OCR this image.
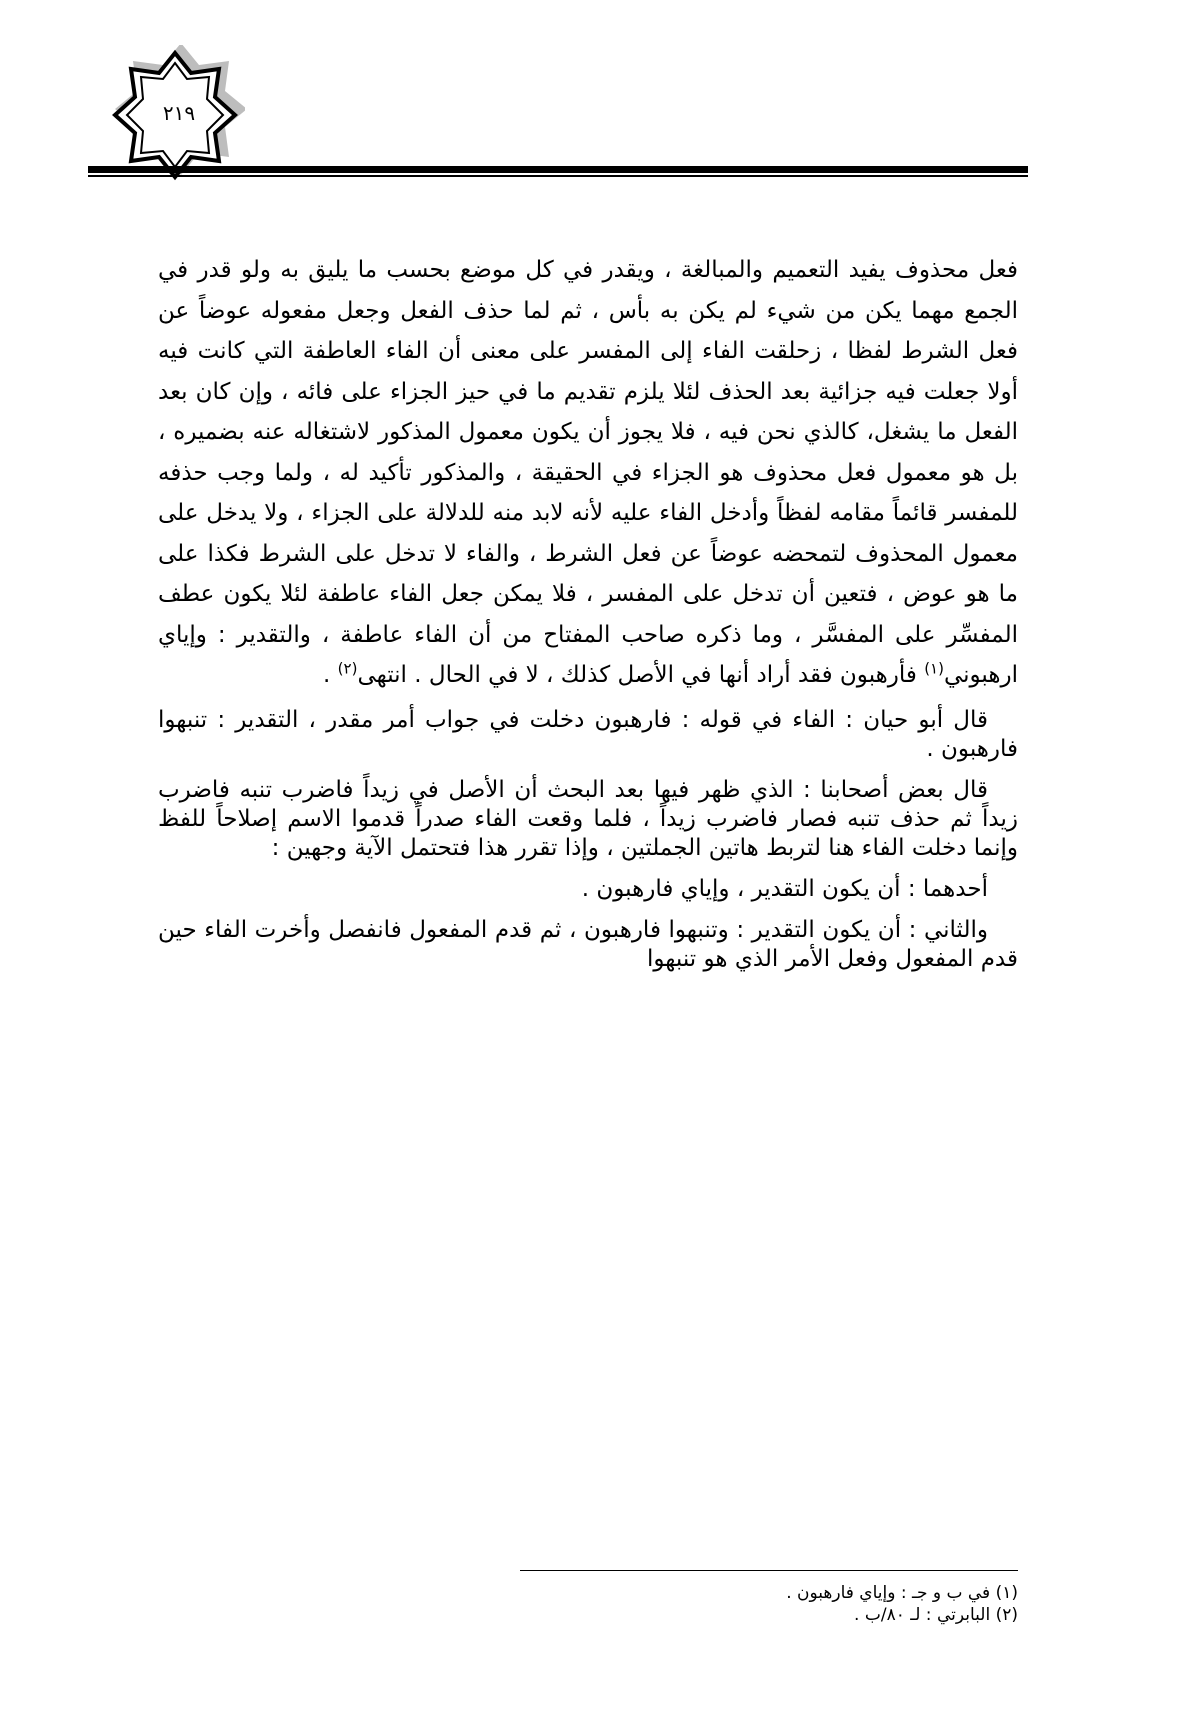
٢١٩

فعل محذوف يفيد التعميم والمبالغة ، ويقدر في كل موضع بحسب ما يليق به ولو قدر في الجمع مهما يكن من شيء لم يكن به بأس ، ثم لما حذف الفعل وجعل مفعوله عوضاً عن فعل الشرط لفظا ، زحلقت الفاء إلى المفسر على معنى أن الفاء العاطفة التي كانت فيه أولا جعلت فيه جزائية بعد الحذف لئلا يلزم تقديم ما في حيز الجزاء على فائه ، وإن كان بعد الفعل ما يشغل، كالذي نحن فيه ، فلا يجوز أن يكون معمول المذكور لاشتغاله عنه بضميره ، بل هو معمول فعل محذوف هو الجزاء في الحقيقة ، والمذكور تأكيد له ، ولما وجب حذفه للمفسر قائماً مقامه لفظاً وأدخل الفاء عليه لأنه لابد منه للدلالة على الجزاء ، ولا يدخل على معمول المحذوف لتمحضه عوضاً عن فعل الشرط ، والفاء لا تدخل على الشرط فكذا على ما هو عوض ، فتعين أن تدخل على المفسر ، فلا يمكن جعل الفاء عاطفة لئلا يكون عطف المفسِّر على المفسَّر ، وما ذكره صاحب المفتاح من أن الفاء عاطفة ، والتقدير : وإياي ارهبوني$^{(١)}$ فأرهبون فقد أراد أنها في الأصل كذلك ، لا في الحال . انتهى$^{(٢)}$ .

قال أبو حيان : الفاء في قوله : فارهبون دخلت في جواب أمر مقدر ، التقدير : تنبهوا فارهبون .

قال بعض أصحابنا : الذي ظهر فيها بعد البحث أن الأصل في زيداً فاضرب تنبه فاضرب زيداً ثم حذف تنبه فصار فاضرب زيداً ، فلما وقعت الفاء صدراً قدموا الاسم إصلاحاً للفظ وإنما دخلت الفاء هنا لتربط هاتين الجملتين ، وإذا تقرر هذا فتحتمل الآية وجهين :

أحدهما : أن يكون التقدير ، وإياي فارهبون .

والثاني : أن يكون التقدير : وتنبهوا فارهبون ، ثم قدم المفعول فانفصل وأخرت الفاء حين قدم المفعول وفعل الأمر الذي هو تنبهوا

(١) في ب و جـ : وإياي فارهبون .
(٢) البابرتي : لـ ٨٠/ب .
